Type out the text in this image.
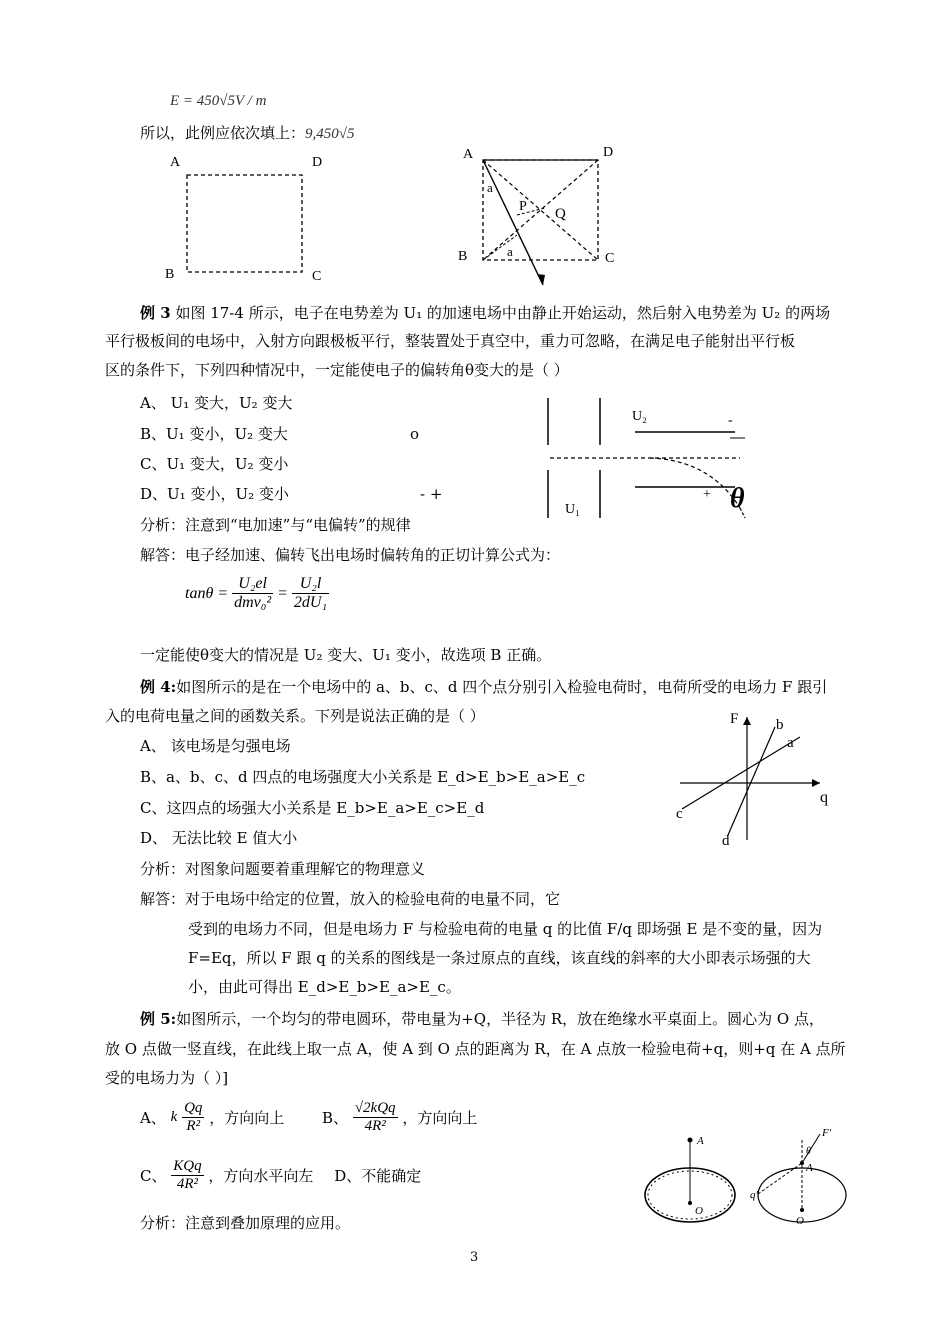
E = 450√5V / m
所以，此例应依次填上：9,450√5
A	D
B	C
A	D
B	C
P Q
a
a
例 3 如图 17-4 所示，电子在电势差为 U₁ 的加速电场中由静止开始运动，然后射入电势差为 U₂ 的两场
平行极板间的电场中，入射方向跟极板平行，整装置处于真空中，重力可忽略，在满足电子能射出平行板
区的条件下，下列四种情况中，一定能使电子的偏转角θ变大的是（ ）
A、 U₁ 变大，U₂ 变大
B、U₁ 变小，U₂ 变大
C、U₁ 变大，U₂ 变小
D、U₁ 变小，U₂ 变小
o
- +
分析：注意到“电加速”与“电偏转”的规律
解答：电子经加速、偏转飞出电场时偏转角的正切计算公式为：
U₂
U₁
-
+ θ
$\tan\theta = \frac{\text{U₂el}}{\text{dmv₀²}} = \frac{\text{U₂l}}{\text{2dU₁}}$
一定能使θ变大的情况是 U₂ 变大、U₁ 变小，故选项 B 正确。
例 4:如图所示的是在一个电场中的 a、b、c、d 四个点分别引入检验电荷时，电荷所受的电场力 F 跟引
入的电荷电量之间的函数关系。下列是说法正确的是（ ）
A、 该电场是匀强电场
B、a、b、c、d 四点的电场强度大小关系是 E_d>E_b>E_a>E_c
C、这四点的场强大小关系是 E_b>E_a>E_c>E_d
D、 无法比较 E 值大小
分析：对图象问题要着重理解它的物理意义
解答：对于电场中给定的位置，放入的检验电荷的电量不同，它
受到的电场力不同，但是电场力 F 与检验电荷的电量 q 的比值 F/q 即场强 E 是不变的量，因为
F=Eq，所以 F 跟 q 的关系的图线是一条过原点的直线，该直线的斜率的大小即表示场强的大
小，由此可得出 E_d>E_b>E_a>E_c。
F	b
a
q
c
d
例 5:如图所示，一个均匀的带电圆环，带电量为+Q，半径为 R，放在绝缘水平桌面上。圆心为 O 点，
放 O 点做一竖直线，在此线上取一点 A，使 A 到 O 点的距离为 R，在 A 点放一检验电荷+q，则+q 在 A 点所
受的电场力为（ ）]
A、 k $\frac{Qq}{\text{R²}}$ ，方向向上	B、 $\frac{\text{√2kQq}}{\text{4R²}}$ ，方向向上
C、 $\frac{\text{KQq}}{\text{4R²}}$ ，方向水平向左 D、不能确定
分析：注意到叠加原理的应用。
A
O
F′
θ
A
O
q′
3
